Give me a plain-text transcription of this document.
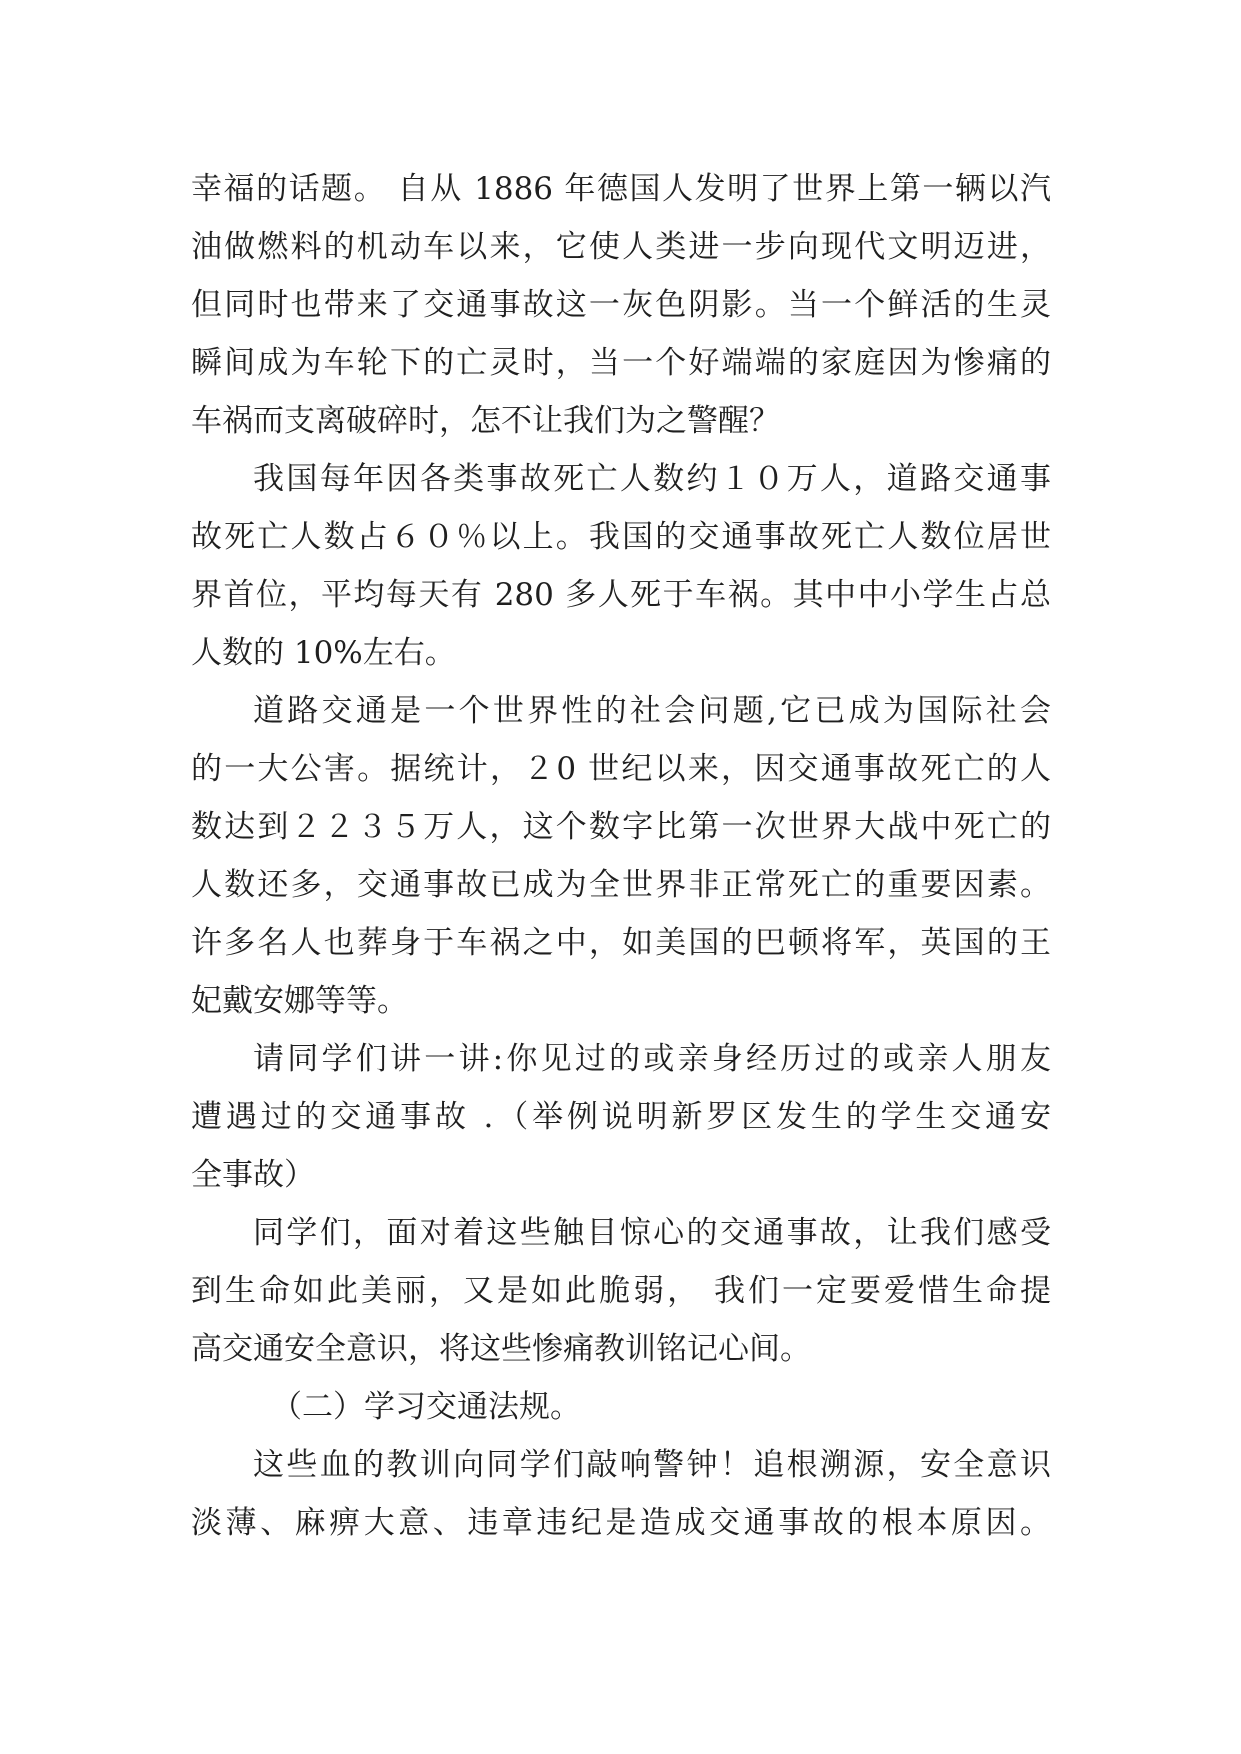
幸福的话题。 自从 1886 年德国人发明了世界上第一辆以汽
油做燃料的机动车以来，它使人类进一步向现代文明迈进，
但同时也带来了交通事故这一灰色阴影。当一个鲜活的生灵
瞬间成为车轮下的亡灵时，当一个好端端的家庭因为惨痛的
车祸而支离破碎时，怎不让我们为之警醒？
我国每年因各类事故死亡人数约１０万人，道路交通事
故死亡人数占６０％以上。我国的交通事故死亡人数位居世
界首位，平均每天有 280 多人死于车祸。其中中小学生占总
人数的 10%左右。
道路交通是一个世界性的社会问题,它已成为国际社会
的一大公害。据统计，２0 世纪以来，因交通事故死亡的人
数达到２２３５万人，这个数字比第一次世界大战中死亡的
人数还多，交通事故已成为全世界非正常死亡的重要因素。
许多名人也葬身于车祸之中，如美国的巴顿将军，英国的王
妃戴安娜等等。
请同学们讲一讲:你见过的或亲身经历过的或亲人朋友
遭遇过的交通事故 .（举例说明新罗区发生的学生交通安
全事故）
同学们，面对着这些触目惊心的交通事故，让我们感受
到生命如此美丽，又是如此脆弱， 我们一定要爱惜生命提
高交通安全意识，将这些惨痛教训铭记心间。
（二）学习交通法规。
这些血的教训向同学们敲响警钟！追根溯源，安全意识
淡薄、麻痹大意、违章违纪是造成交通事故的根本原因。
